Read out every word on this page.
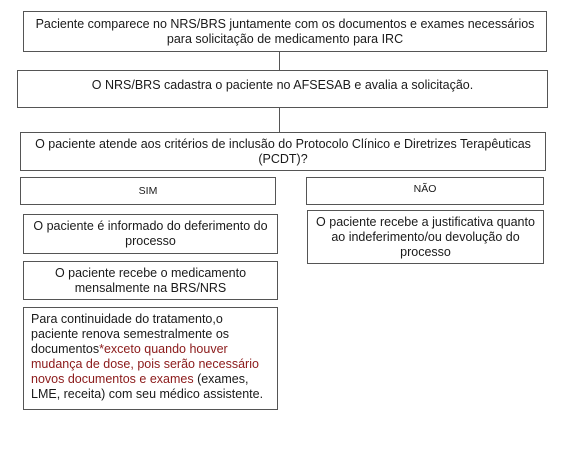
Paciente comparece no NRS/BRS juntamente com os documentos e exames necessários para solicitação de medicamento para IRC
O NRS/BRS cadastra o paciente no AFSESAB e avalia a solicitação.
O paciente atende aos critérios de inclusão do Protocolo Clínico e Diretrizes Terapêuticas (PCDT)?
SIM
O paciente é informado do deferimento do processo
O paciente recebe o medicamento mensalmente na BRS/NRS
Para continuidade do tratamento,o paciente renova semestralmente os documentos*exceto quando houver mudança de dose, pois serão necessário novos documentos e exames (exames, LME, receita) com seu médico assistente.
NÃO
O paciente recebe a justificativa quanto ao indeferimento/ou devolução do processo
